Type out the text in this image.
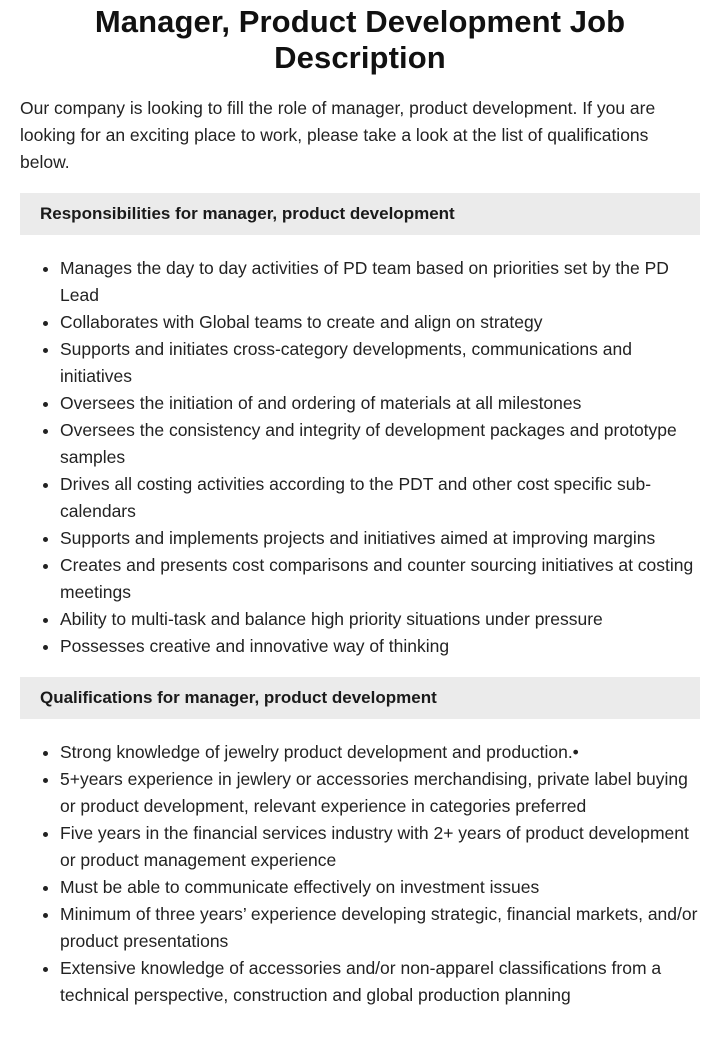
Manager, Product Development Job Description

Our company is looking to fill the role of manager, product development. If you are looking for an exciting place to work, please take a look at the list of qualifications below.

Responsibilities for manager, product development
Manages the day to day activities of PD team based on priorities set by the PD Lead
Collaborates with Global teams to create and align on strategy
Supports and initiates cross-category developments, communications and initiatives
Oversees the initiation of and ordering of materials at all milestones
Oversees the consistency and integrity of development packages and prototype samples
Drives all costing activities according to the PDT and other cost specific sub-calendars
Supports and implements projects and initiatives aimed at improving margins
Creates and presents cost comparisons and counter sourcing initiatives at costing meetings
Ability to multi-task and balance high priority situations under pressure
Possesses creative and innovative way of thinking
Qualifications for manager, product development
Strong knowledge of jewelry product development and production.•
5+years experience in jewlery or accessories merchandising, private label buying or product development, relevant experience in categories preferred
Five years in the financial services industry with 2+ years of product development or product management experience
Must be able to communicate effectively on investment issues
Minimum of three years’ experience developing strategic, financial markets, and/or product presentations
Extensive knowledge of accessories and/or non-apparel classifications from a technical perspective, construction and global production planning
